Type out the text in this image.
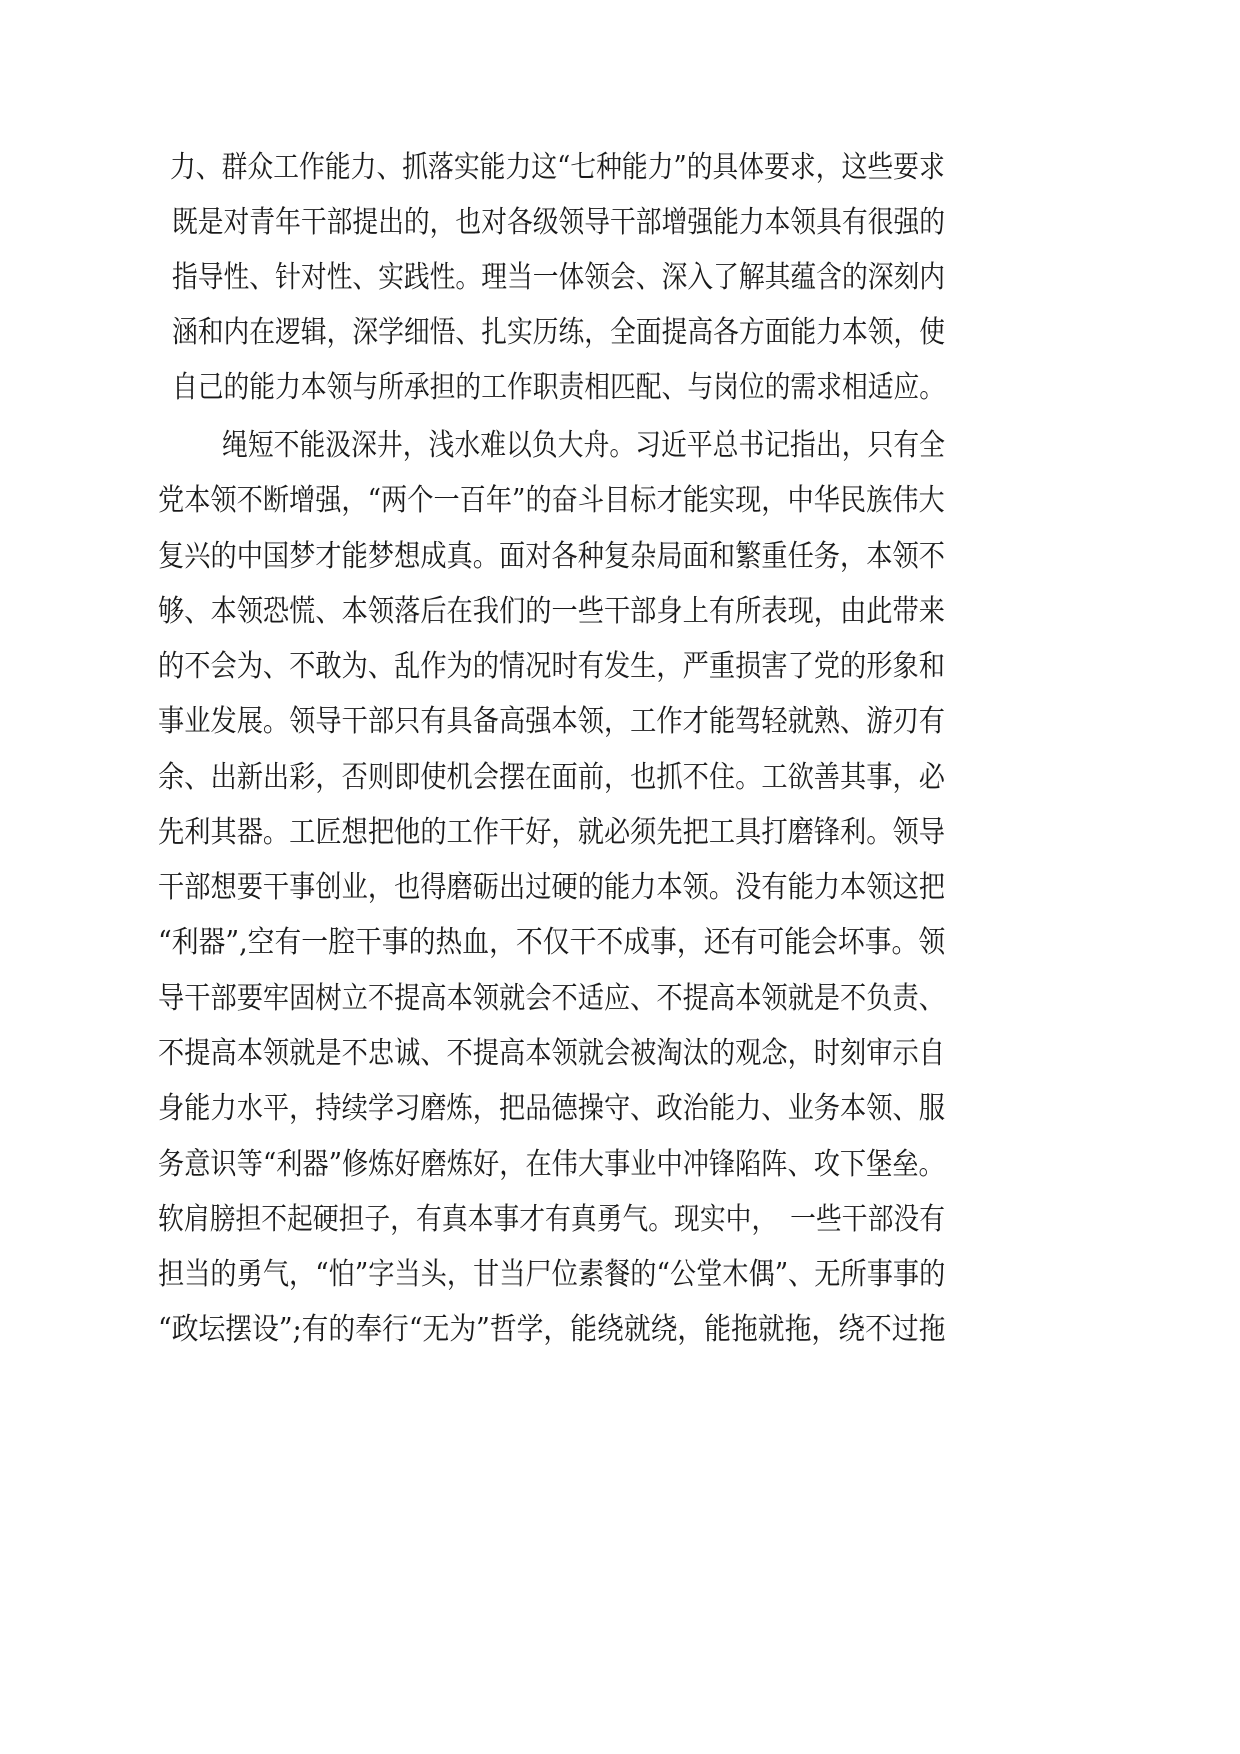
力、群众工作能力、抓落实能力这“七种能力”的具体要求，这些要求
既是对青年干部提出的，也对各级领导干部增强能力本领具有很强的
指导性、针对性、实践性。理当一体领会、深入了解其蕴含的深刻内
涵和内在逻辑，深学细悟、扎实历练，全面提高各方面能力本领，使
自己的能力本领与所承担的工作职责相匹配、与岗位的需求相适应。
绳短不能汲深井，浅水难以负大舟。习近平总书记指出，只有全
党本领不断增强，“两个一百年”的奋斗目标才能实现，中华民族伟大
复兴的中国梦才能梦想成真。面对各种复杂局面和繁重任务，本领不
够、本领恐慌、本领落后在我们的一些干部身上有所表现，由此带来
的不会为、不敢为、乱作为的情况时有发生，严重损害了党的形象和
事业发展。领导干部只有具备高强本领，工作才能驾轻就熟、游刃有
余、出新出彩，否则即使机会摆在面前，也抓不住。工欲善其事，必
先利其器。工匠想把他的工作干好，就必须先把工具打磨锋利。领导
干部想要干事创业，也得磨砺出过硬的能力本领。没有能力本领这把
“利器”,空有一腔干事的热血，不仅干不成事，还有可能会坏事。领
导干部要牢固树立不提高本领就会不适应、不提高本领就是不负责、
不提高本领就是不忠诚、不提高本领就会被淘汰的观念，时刻审示自
身能力水平，持续学习磨炼，把品德操守、政治能力、业务本领、服
务意识等“利器”修炼好磨炼好，在伟大事业中冲锋陷阵、攻下堡垒。
软肩膀担不起硬担子，有真本事才有真勇气。现实中，　一些干部没有
担当的勇气，“怕”字当头，甘当尸位素餐的“公堂木偶”、无所事事的
“政坛摆设”;有的奉行“无为”哲学，能绕就绕，能拖就拖，绕不过拖
